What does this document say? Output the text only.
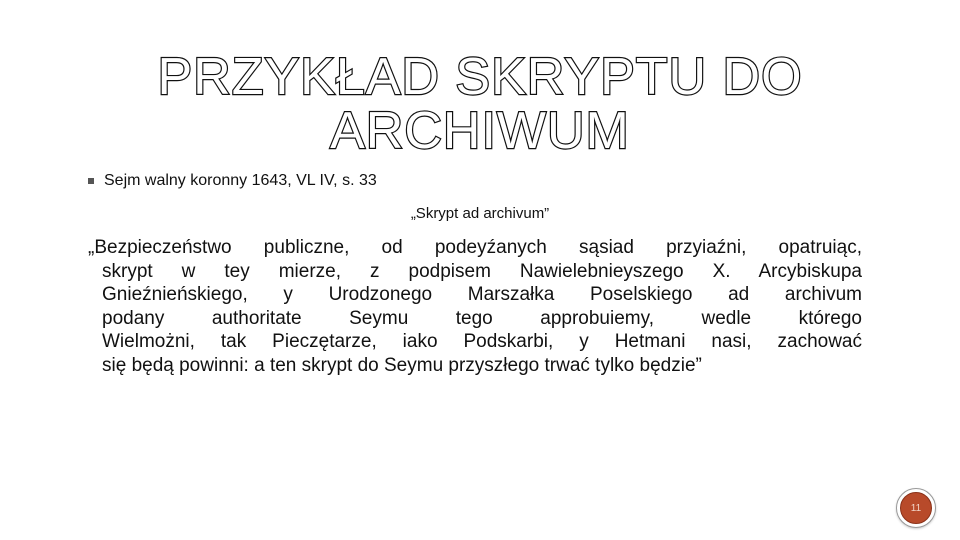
PRZYKŁAD SKRYPTU DO ARCHIWUM
Sejm walny koronny 1643, VL IV, s. 33
„Skrypt ad archivum”
„Bezpieczeństwo publiczne, od podeyźanych sąsiad przyiaźni, opatruiąc,
skrypt w tey mierze, z podpisem Nawielebnieyszego X. Arcybiskupa
Gnieźnieńskiego, y Urodzonego Marszałka Poselskiego ad archivum
podany authoritate Seymu tego approbuiemy, wedle którego
Wielmożni, tak Pieczętarze, iako Podskarbi, y Hetmani nasi, zachować
się będą powinni: a ten skrypt do Seymu przyszłego trwać tylko będzie”
11
